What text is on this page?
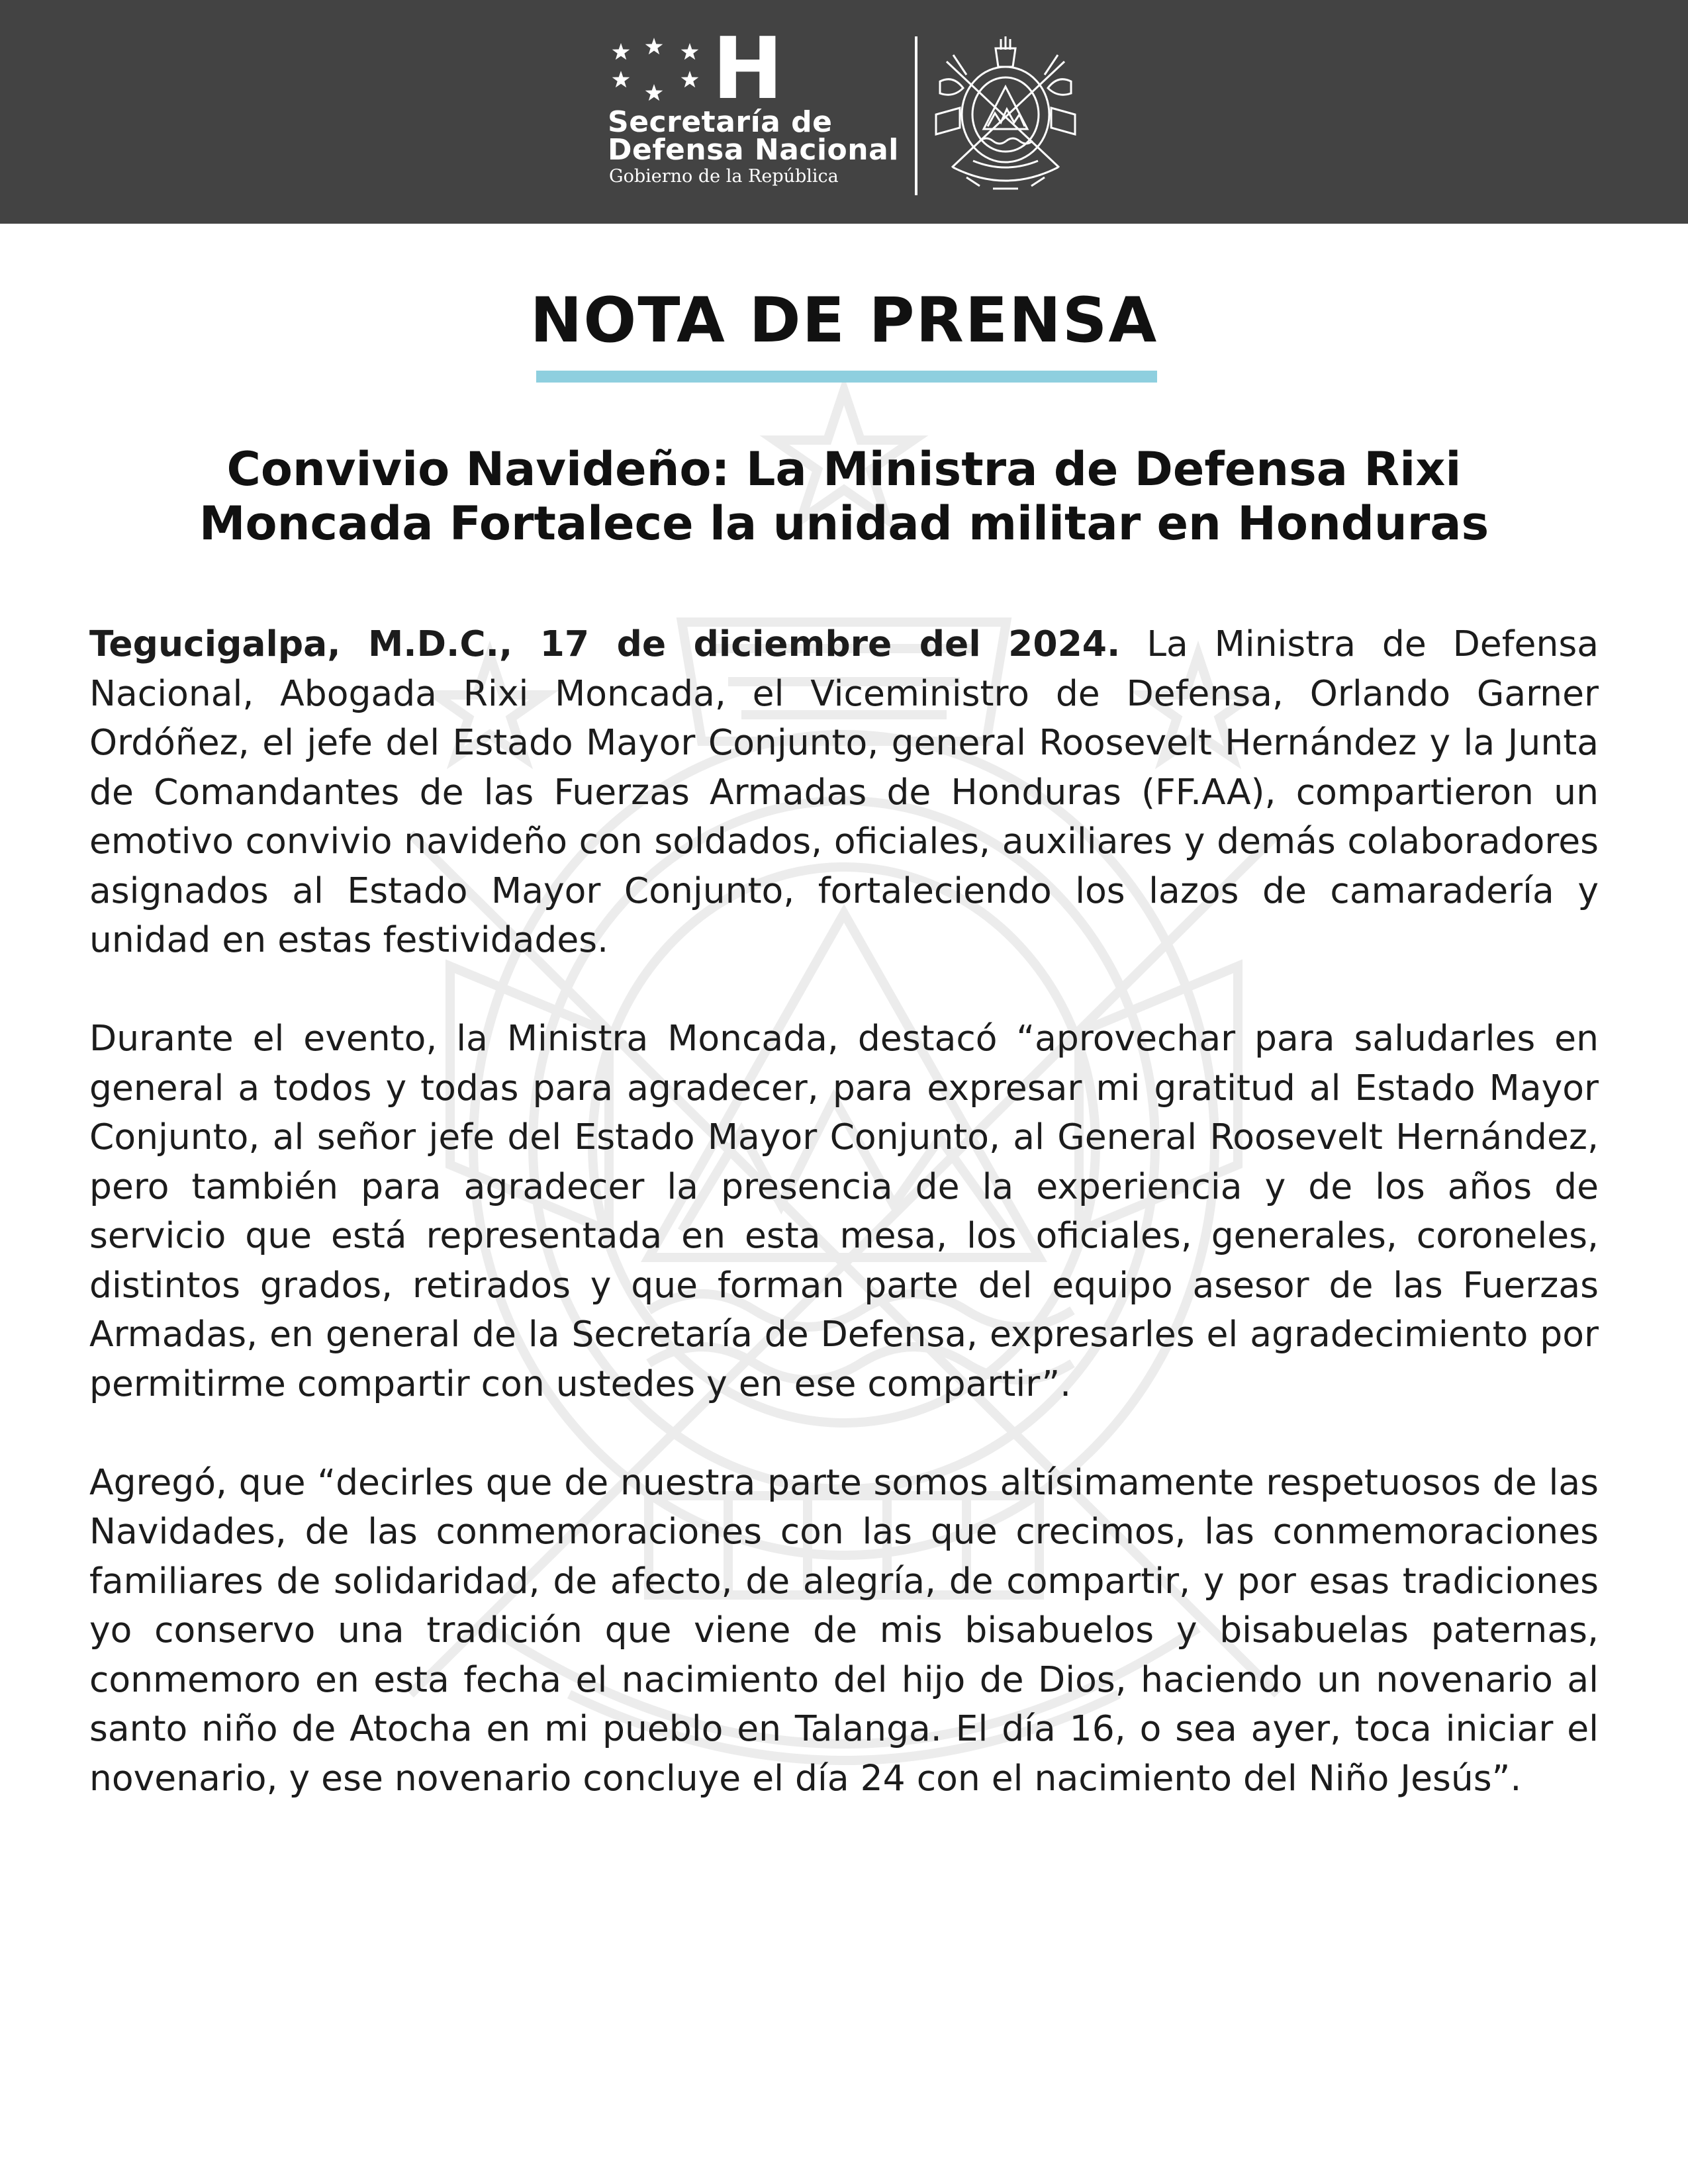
H
Secretaría de
Defensa Nacional
Gobierno de la República
NOTA DE PRENSA
Convivio Navideño: La Ministra de Defensa Rixi
Moncada Fortalece la unidad militar en Honduras

Tegucigalpa, M.D.C., 17 de diciembre del 2024. La Ministra de Defensa Nacional, Abogada Rixi Moncada, el Viceministro de Defensa, Orlando Garner Ordóñez, el jefe del Estado Mayor Conjunto, general Roosevelt Hernández y la Junta de Comandantes de las Fuerzas Armadas de Honduras (FF.AA), compartieron un emotivo convivio navideño con soldados, oficiales, auxiliares y demás colaboradores asignados al Estado Mayor Conjunto, fortaleciendo los lazos de camaradería y unidad en estas festividades.

Durante el evento, la Ministra Moncada, destacó “aprovechar para saludarles en general a todos y todas para agradecer, para expresar mi gratitud al Estado Mayor Conjunto, al señor jefe del Estado Mayor Conjunto, al General Roosevelt Hernández, pero también para agradecer la presencia de la experiencia y de los años de servicio que está representada en esta mesa, los oficiales, generales, coroneles, distintos grados, retirados y que forman parte del equipo asesor de las Fuerzas Armadas, en general de la Secretaría de Defensa, expresarles el agradecimiento por permitirme compartir con ustedes y en ese compartir”.

Agregó, que “decirles que de nuestra parte somos altísimamente respetuosos de las Navidades, de las conmemoraciones con las que crecimos, las conmemoraciones familiares de solidaridad, de afecto, de alegría, de compartir, y por esas tradiciones yo conservo una tradición que viene de mis bisabuelos y bisabuelas paternas, conmemoro en esta fecha el nacimiento del hijo de Dios, haciendo un novenario al santo niño de Atocha en mi pueblo en Talanga. El día 16, o sea ayer, toca iniciar el novenario, y ese novenario concluye el día 24 con el nacimiento del Niño Jesús”.
